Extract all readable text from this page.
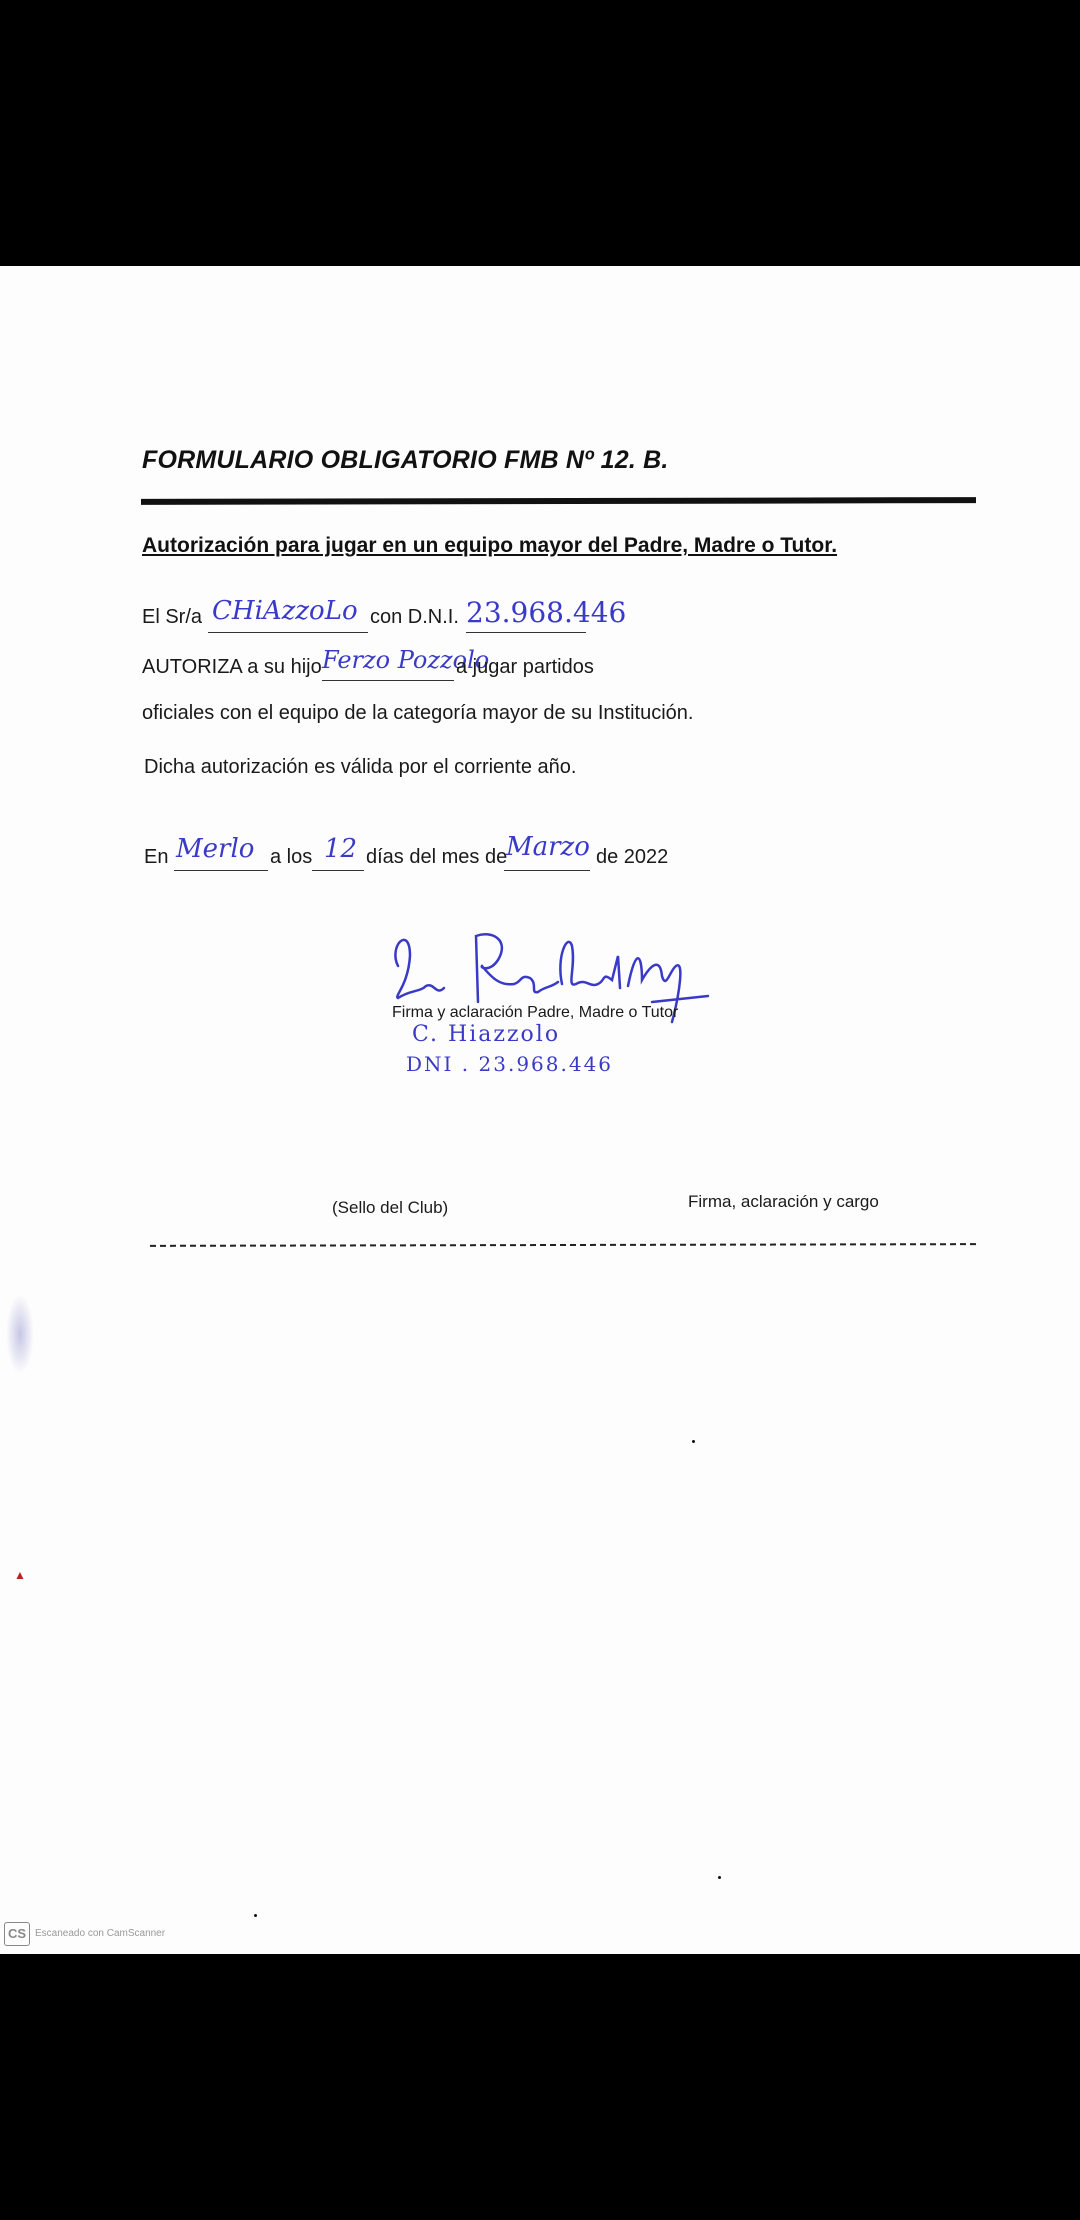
FORMULARIO OBLIGATORIO FMB Nº 12. B.
Autorización para jugar en un equipo mayor del Padre, Madre o Tutor.
El Sr/a CHiAzzoLo con D.N.I. 23.968.446
AUTORIZA a su hijo Ferzo Pozzolo
a jugar partidos
oficiales con el equipo de la categoría mayor de su Institución.
Dicha autorización es válida por el corriente año.
En Merlo a los 12 días del mes de
Marzo de 2022
Firma y aclaración Padre, Madre o Tutor
C. Hiazzolo
DNI . 23.968.446
(Sello del Club)	Firma, aclaración y cargo
▲
CS Escaneado con CamScanner
